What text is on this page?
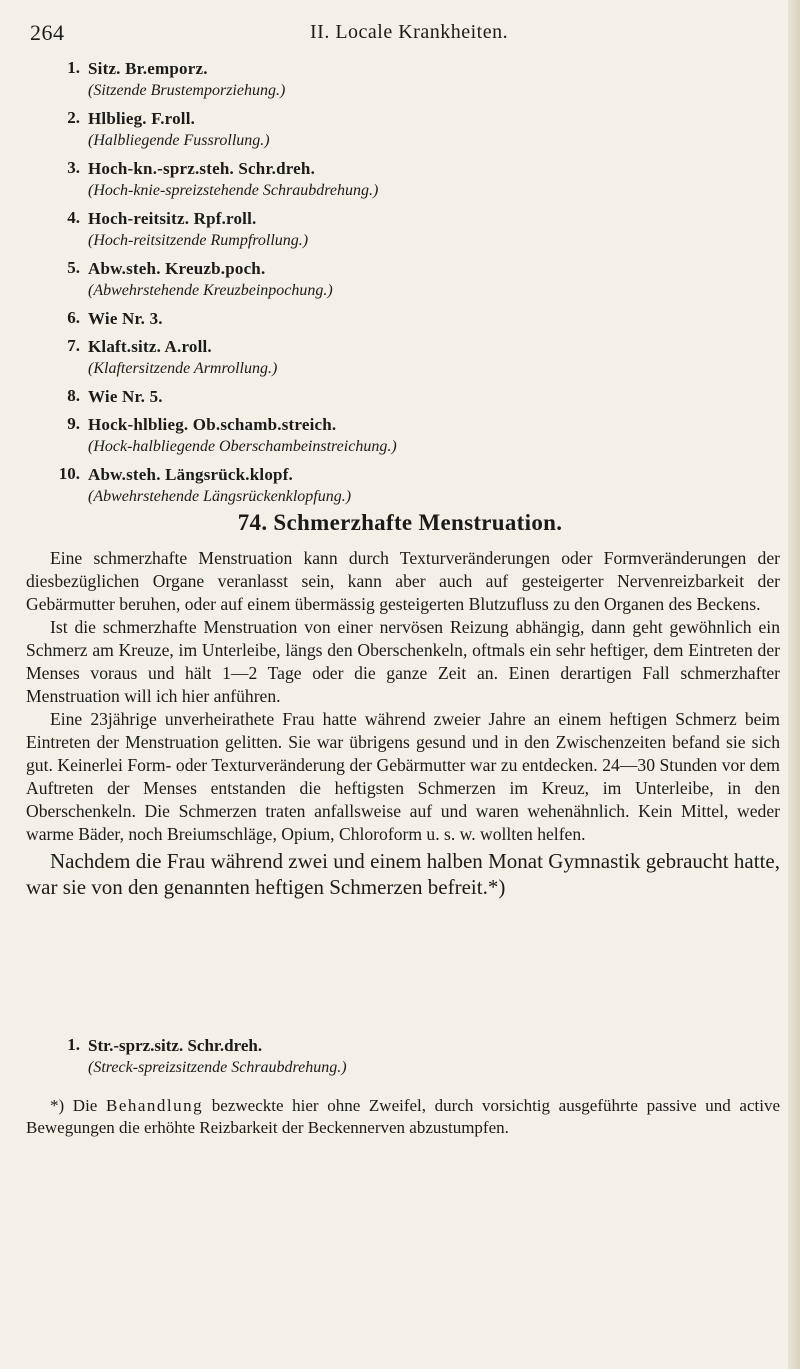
264	II. Locale Krankheiten.
1. Sitz. Br.emporz.
(Sitzende Brustemporziehung.)
2. Hlblieg. F.roll.
(Halbliegende Fussrollung.)
3. Hoch-kn.-sprz.steh. Schr.dreh.
(Hoch-knie-spreizstehende Schraubdrehung.)
4. Hoch-reitsitz. Rpf.roll.
(Hoch-reitsitzende Rumpfrollung.)
5. Abw.steh. Kreuzb.poch.
(Abwehrstehende Kreuzbeinpochung.)
6. Wie Nr. 3.
7. Klaft.sitz. A.roll.
(Klaftersitzende Armrollung.)
8. Wie Nr. 5.
9. Hock-hlblieg. Ob.schamb.streich.
(Hock-halbliegende Oberschambeinstreichung.)
10. Abw.steh. Längsrück.klopf.
(Abwehrstehende Längsrückenklopfung.)
74. Schmerzhafte Menstruation.

Eine schmerzhafte Menstruation kann durch Texturveränderungen oder Formveränderungen der diesbezüglichen Organe veranlasst sein, kann aber auch auf gesteigerter Nervenreizbarkeit der Gebärmutter beruhen, oder auf einem übermässig gesteigerten Blutzufluss zu den Organen des Beckens.

Ist die schmerzhafte Menstruation von einer nervösen Reizung abhängig, dann geht gewöhnlich ein Schmerz am Kreuze, im Unterleibe, längs den Oberschenkeln, oftmals ein sehr heftiger, dem Eintreten der Menses voraus und hält 1—2 Tage oder die ganze Zeit an. Einen derartigen Fall schmerzhafter Menstruation will ich hier anführen.

Eine 23jährige unverheirathete Frau hatte während zweier Jahre an einem heftigen Schmerz beim Eintreten der Menstruation gelitten. Sie war übrigens gesund und in den Zwischenzeiten befand sie sich gut. Keinerlei Form- oder Texturveränderung der Gebärmutter war zu entdecken. 24—30 Stunden vor dem Auftreten der Menses entstanden die heftigsten Schmerzen im Kreuz, im Unterleibe, in den Oberschenkeln. Die Schmerzen traten anfallsweise auf und waren wehenähnlich. Kein Mittel, weder warme Bäder, noch Breiumschläge, Opium, Chloroform u. s. w. wollten helfen.

Nachdem die Frau während zwei und einem halben Monat Gymnastik gebraucht hatte, war sie von den genannten heftigen Schmerzen befreit.*)

1. Str.-sprz.sitz. Schr.dreh.
(Streck-spreizsitzende Schraubdrehung.)

*) Die Behandlung bezweckte hier ohne Zweifel, durch vorsichtig ausgeführte passive und active Bewegungen die erhöhte Reizbarkeit der Beckennerven abzustumpfen.
